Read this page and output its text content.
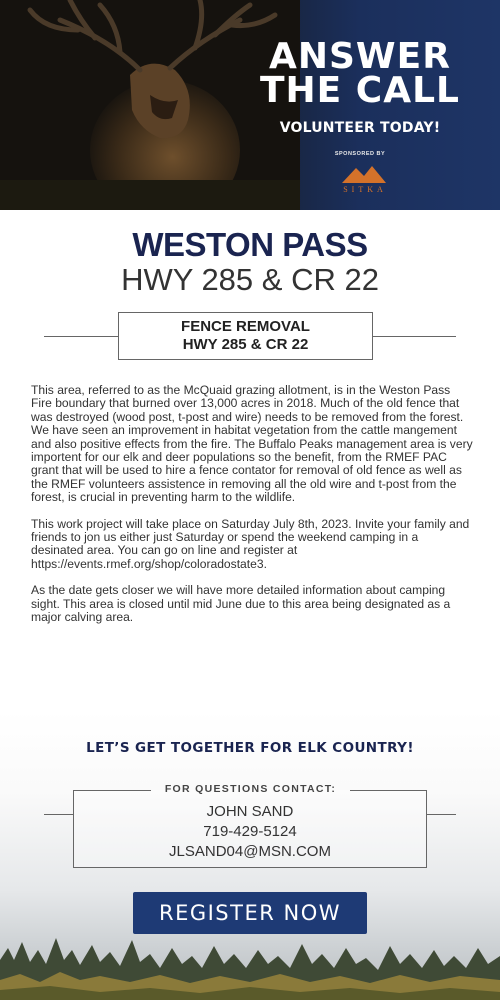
ANSWER
THE CALL
VOLUNTEER TODAY!
SPONSORED BY
SITKA
WESTON PASS
HWY 285 & CR 22
FENCE REMOVAL
HWY 285 & CR 22

This area, referred to as the McQuaid grazing allotment, is in the Weston Pass Fire boundary that burned over 13,000 acres in 2018. Much of the old fence that was destroyed (wood post, t-post and wire) needs to be removed from the forest. We have seen an improvement in habitat vegetation from the cattle mangement and also positive effects from the fire. The Buffalo Peaks management area is very importent for our elk and deer populations so the benefit, from the RMEF PAC grant that will be used to hire a fence contator for removal of old fence as well as the RMEF volunteers assistence in removing all the old wire and t-post from the forest, is crucial in preventing harm to the wildlife.

This work project will take place on Saturday July 8th, 2023. Invite your family and friends to jon us either just Saturday or spend the weekend camping in a desinated area. You can go on line and register at https://events.rmef.org/shop/coloradostate3.

As the date gets closer we will have more detailed information about camping sight. This area is closed until mid June due to this area being designated as a major calving area.

LET’S GET TOGETHER FOR ELK COUNTRY!
FOR QUESTIONS CONTACT:
JOHN SAND
719-429-5124
JLSAND04@MSN.COM
REGISTER NOW
